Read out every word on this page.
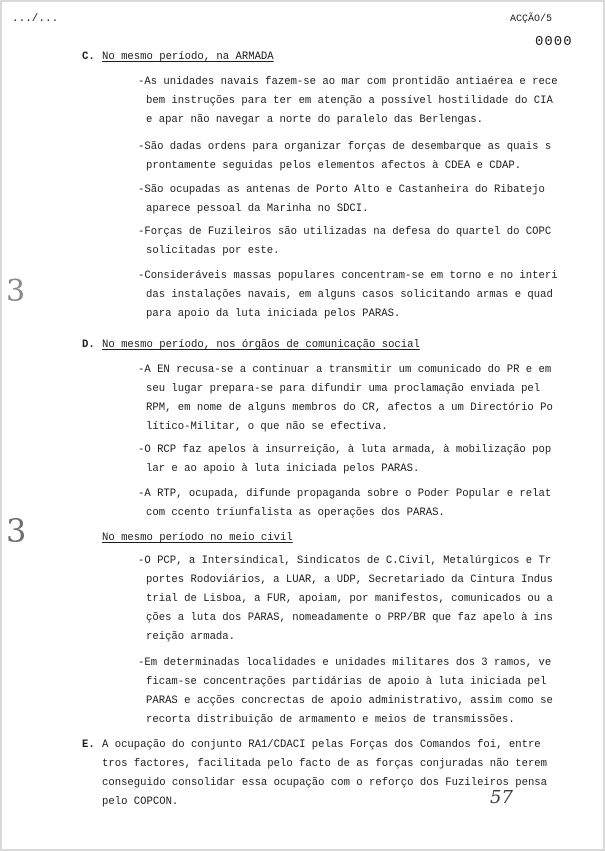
.../...	ACÇÃO/5
0000
C. No mesmo período, na ARMADA
-As unidades navais fazem-se ao mar com prontidão antiaérea e rece
bem instruções para ter em atenção a possível hostilidade do CIA
e apar não navegar a norte do paralelo das Berlengas.
-São dadas ordens para organizar forças de desembarque as quais s
prontamente seguidas pelos elementos afectos à CDEA e CDAP.
-São ocupadas as antenas de Porto Alto e Castanheira do Ribatejo
aparece pessoal da Marinha no SDCI.
-Forças de Fuzileiros são utilizadas na defesa do quartel do COPC
solicitadas por este.
-Consideráveis massas populares concentram-se em torno e no interi
das instalações navais, em alguns casos solicitando armas e quad
para apoio da luta iniciada pelos PARAS.
D. No mesmo período, nos órgãos de comunicação social
-A EN recusa-se a continuar a transmitir um comunicado do PR e em
seu lugar prepara-se para difundir uma proclamação enviada pel
RPM, em nome de alguns membros do CR, afectos a um Directório Po
lítico-Militar, o que não se efectiva.
-O RCP faz apelos à insurreição, à luta armada, à mobilização pop
lar e ao apoio à luta iniciada pelos PARAS.
-A RTP, ocupada, difunde propaganda sobre o Poder Popular e relat
com ccento triunfalista as operações dos PARAS.
No mesmo período no meio civil
-O PCP, a Intersindical, Sindicatos de C.Civil, Metalúrgicos e Tr
portes Rodoviários, a LUAR, a UDP, Secretariado da Cintura Indus
trial de Lisboa, a FUR, apoiam, por manifestos, comunicados ou a
ções a luta dos PARAS, nomeadamente o PRP/BR que faz apelo à ins
reição armada.
-Em determinadas localidades e unidades militares dos 3 ramos, ve
ficam-se concentrações partidárias de apoio à luta iniciada pel
PARAS e acções concrectas de apoio administrativo, assim como se
recorta distribuição de armamento e meios de transmissões.
E. A ocupação do conjunto RA1/CDACI pelas Forças dos Comandos foi, entre
tros factores, facilitada pelo facto de as forças conjuradas não terem
conseguido consolidar essa ocupação com o reforço dos Fuzileiros pensa
pelo COPCON.
3
3
57
